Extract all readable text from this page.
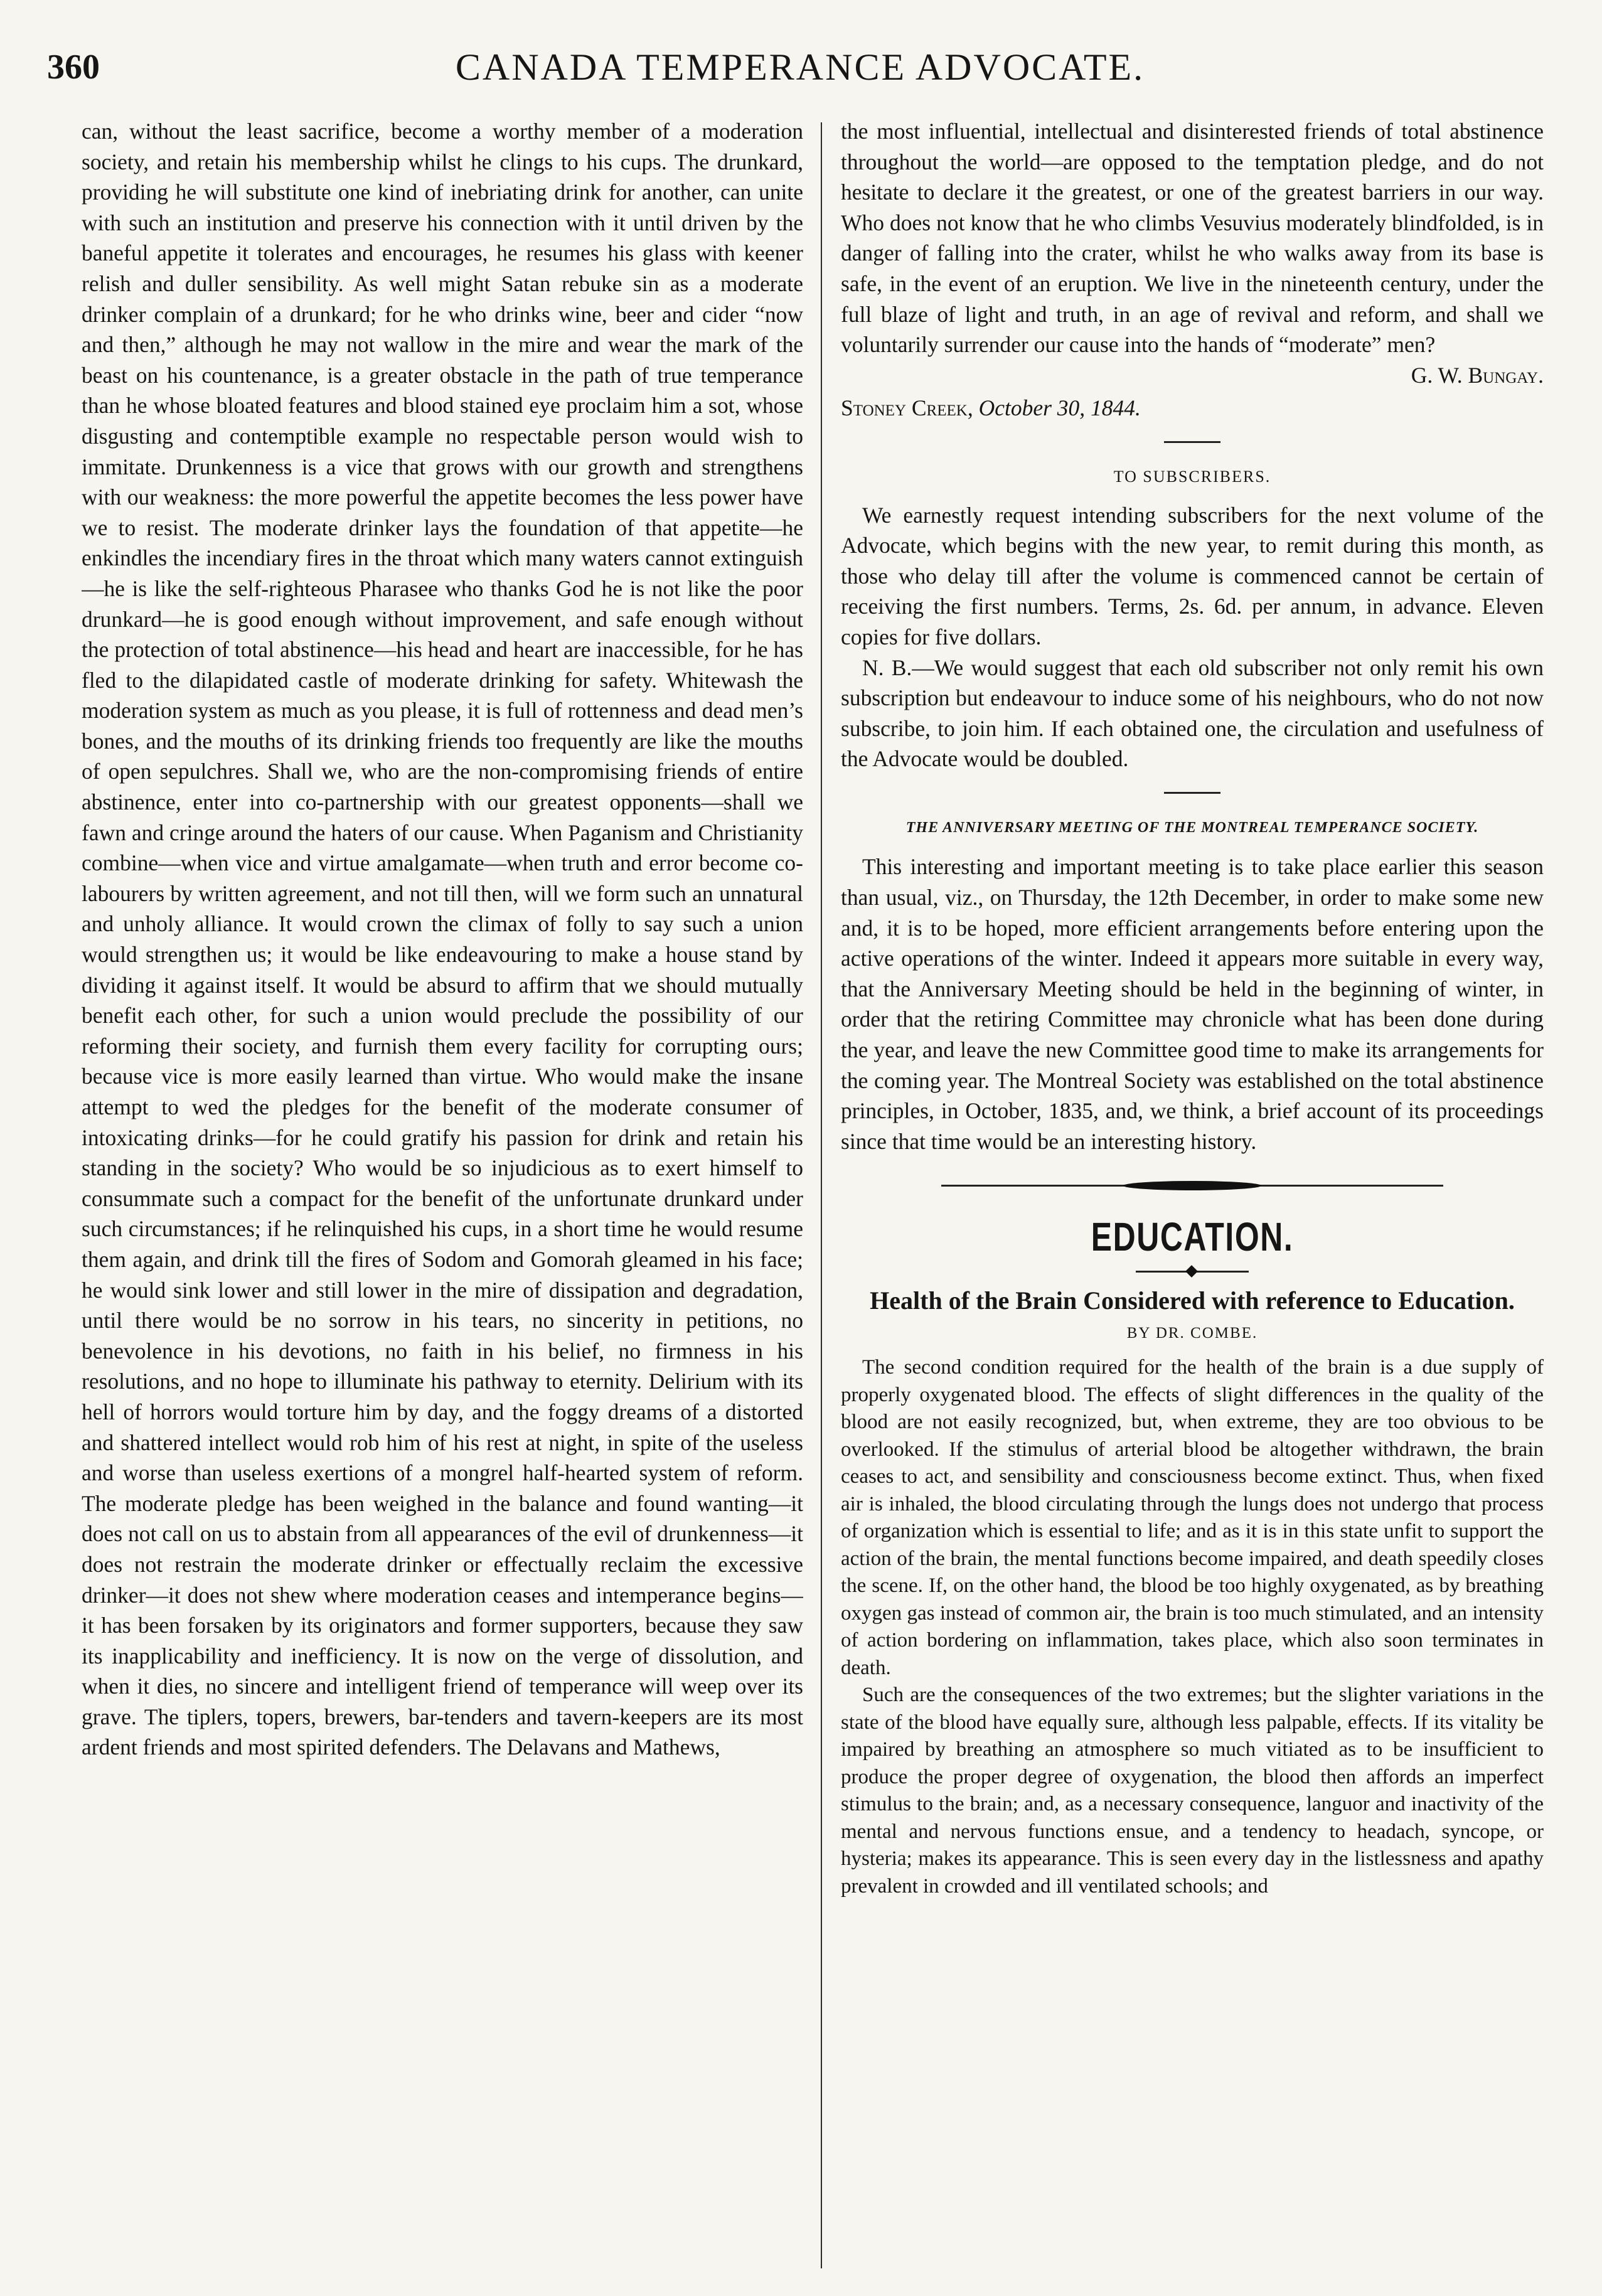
360	CANADA TEMPERANCE ADVOCATE.

can, without the least sacrifice, become a worthy member of a moderation society, and retain his membership whilst he clings to his cups. The drunkard, providing he will substitute one kind of inebriating drink for another, can unite with such an institution and preserve his connection with it until driven by the baneful appetite it tolerates and encourages, he resumes his glass with keener relish and duller sensibility. As well might Satan rebuke sin as a moderate drinker complain of a drunkard; for he who drinks wine, beer and cider “now and then,” although he may not wallow in the mire and wear the mark of the beast on his countenance, is a greater obstacle in the path of true temperance than he whose bloated features and blood stained eye proclaim him a sot, whose disgusting and contemptible example no respectable person would wish to immitate. Drunkenness is a vice that grows with our growth and strengthens with our weakness: the more powerful the appetite becomes the less power have we to resist. The moderate drinker lays the foundation of that appetite—he enkindles the incendiary fires in the throat which many waters cannot extinguish—he is like the self-righteous Pharasee who thanks God he is not like the poor drunkard—he is good enough without improvement, and safe enough without the protection of total abstinence—his head and heart are inaccessible, for he has fled to the dilapidated castle of moderate drinking for safety. Whitewash the moderation system as much as you please, it is full of rottenness and dead men’s bones, and the mouths of its drinking friends too frequently are like the mouths of open sepulchres. Shall we, who are the non-compromising friends of entire abstinence, enter into co-partnership with our greatest opponents—shall we fawn and cringe around the haters of our cause. When Paganism and Christianity combine—when vice and virtue amalgamate—when truth and error become co-labourers by written agreement, and not till then, will we form such an unnatural and unholy alliance. It would crown the climax of folly to say such a union would strengthen us; it would be like endeavouring to make a house stand by dividing it against itself. It would be absurd to affirm that we should mutually benefit each other, for such a union would preclude the possibility of our reforming their society, and furnish them every facility for corrupting ours; because vice is more easily learned than virtue. Who would make the insane attempt to wed the pledges for the benefit of the moderate consumer of intoxicating drinks—for he could gratify his passion for drink and retain his standing in the society? Who would be so injudicious as to exert himself to consummate such a compact for the benefit of the unfortunate drunkard under such circumstances; if he relinquished his cups, in a short time he would resume them again, and drink till the fires of Sodom and Gomorah gleamed in his face; he would sink lower and still lower in the mire of dissipation and degradation, until there would be no sorrow in his tears, no sincerity in petitions, no benevolence in his devotions, no faith in his belief, no firmness in his resolutions, and no hope to illuminate his pathway to eternity. Delirium with its hell of horrors would torture him by day, and the foggy dreams of a distorted and shattered intellect would rob him of his rest at night, in spite of the useless and worse than useless exertions of a mongrel half-hearted system of reform. The moderate pledge has been weighed in the balance and found wanting—it does not call on us to abstain from all appearances of the evil of drunkenness—it does not restrain the moderate drinker or effectually reclaim the excessive drinker—it does not shew where moderation ceases and intemperance begins—it has been forsaken by its originators and former supporters, because they saw its inapplicability and inefficiency. It is now on the verge of dissolution, and when it dies, no sincere and intelligent friend of temperance will weep over its grave. The tiplers, topers, brewers, bar-tenders and tavern-keepers are its most ardent friends and most spirited defenders. The Delavans and Mathews,

the most influential, intellectual and disinterested friends of total abstinence throughout the world—are opposed to the temptation pledge, and do not hesitate to declare it the greatest, or one of the greatest barriers in our way. Who does not know that he who climbs Vesuvius moderately blindfolded, is in danger of falling into the crater, whilst he who walks away from its base is safe, in the event of an eruption. We live in the nineteenth century, under the full blaze of light and truth, in an age of revival and reform, and shall we voluntarily surrender our cause into the hands of “moderate” men?

G. W. Bungay.
Stoney Creek, October 30, 1844.
TO SUBSCRIBERS.

We earnestly request intending subscribers for the next volume of the Advocate, which begins with the new year, to remit during this month, as those who delay till after the volume is commenced cannot be certain of receiving the first numbers. Terms, 2s. 6d. per annum, in advance. Eleven copies for five dollars.

N. B.—We would suggest that each old subscriber not only remit his own subscription but endeavour to induce some of his neighbours, who do not now subscribe, to join him. If each obtained one, the circulation and usefulness of the Advocate would be doubled.

THE ANNIVERSARY MEETING OF THE MONTREAL TEMPERANCE SOCIETY.

This interesting and important meeting is to take place earlier this season than usual, viz., on Thursday, the 12th December, in order to make some new and, it is to be hoped, more efficient arrangements before entering upon the active operations of the winter. Indeed it appears more suitable in every way, that the Anniversary Meeting should be held in the beginning of winter, in order that the retiring Committee may chronicle what has been done during the year, and leave the new Committee good time to make its arrangements for the coming year. The Montreal Society was established on the total abstinence principles, in October, 1835, and, we think, a brief account of its proceedings since that time would be an interesting history.

EDUCATION.
Health of the Brain Considered with reference to Education.
BY DR. COMBE.

The second condition required for the health of the brain is a due supply of properly oxygenated blood. The effects of slight differences in the quality of the blood are not easily recognized, but, when extreme, they are too obvious to be overlooked. If the stimulus of arterial blood be altogether withdrawn, the brain ceases to act, and sensibility and consciousness become extinct. Thus, when fixed air is inhaled, the blood circulating through the lungs does not undergo that process of organization which is essential to life; and as it is in this state unfit to support the action of the brain, the mental functions become impaired, and death speedily closes the scene. If, on the other hand, the blood be too highly oxygenated, as by breathing oxygen gas instead of common air, the brain is too much stimulated, and an intensity of action bordering on inflammation, takes place, which also soon terminates in death.

Such are the consequences of the two extremes; but the slighter variations in the state of the blood have equally sure, although less palpable, effects. If its vitality be impaired by breathing an atmosphere so much vitiated as to be insufficient to produce the proper degree of oxygenation, the blood then affords an imperfect stimulus to the brain; and, as a necessary consequence, languor and inactivity of the mental and nervous functions ensue, and a tendency to headach, syncope, or hysteria; makes its appearance. This is seen every day in the listlessness and apathy prevalent in crowded and ill ventilated schools; and
